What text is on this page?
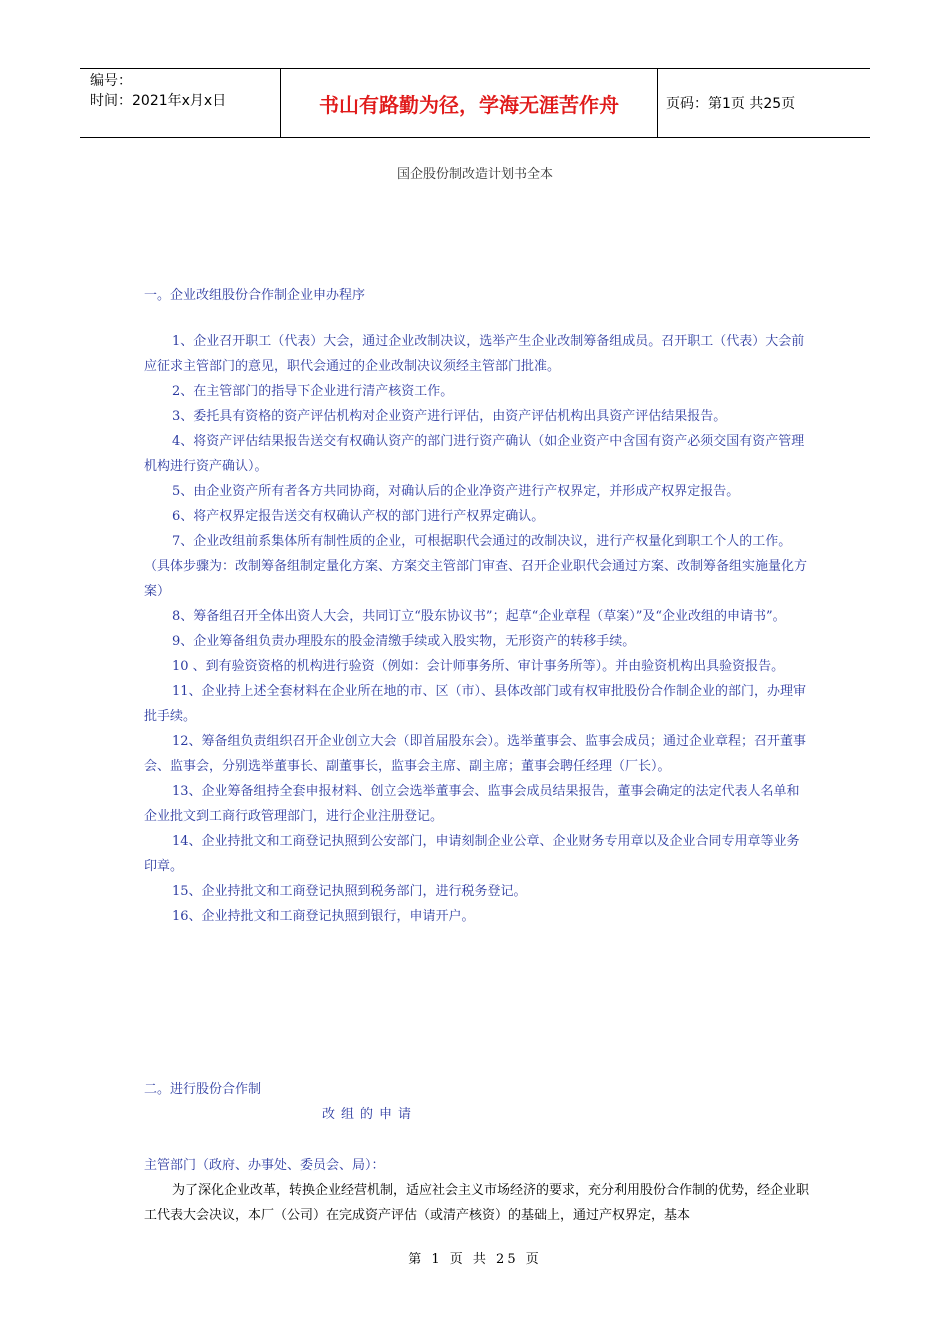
编号：
时间：2021年x月x日	书山有路勤为径，学海无涯苦作舟	页码：第1页 共25页
国企股份制改造计划书全本
一。企业改组股份合作制企业申办程序

1、企业召开职工（代表）大会，通过企业改制决议，选举产生企业改制筹备组成员。召开职工（代表）大会前应征求主管部门的意见，职代会通过的企业改制决议须经主管部门批准。

2、在主管部门的指导下企业进行清产核资工作。

3、委托具有资格的资产评估机构对企业资产进行评估，由资产评估机构出具资产评估结果报告。

4、将资产评估结果报告送交有权确认资产的部门进行资产确认（如企业资产中含国有资产必须交国有资产管理机构进行资产确认）。

5、由企业资产所有者各方共同协商，对确认后的企业净资产进行产权界定，并形成产权界定报告。

6、将产权界定报告送交有权确认产权的部门进行产权界定确认。

7、企业改组前系集体所有制性质的企业，可根据职代会通过的改制决议，进行产权量化到职工个人的工作。（具体步骤为：改制筹备组制定量化方案、方案交主管部门审查、召开企业职代会通过方案、改制筹备组实施量化方案）

8、筹备组召开全体出资人大会，共同订立“股东协议书”；起草“企业章程（草案）”及“企业改组的申请书”。

9、企业筹备组负责办理股东的股金清缴手续或入股实物，无形资产的转移手续。

10 、到有验资资格的机构进行验资（例如：会计师事务所、审计事务所等）。并由验资机构出具验资报告。

11、企业持上述全套材料在企业所在地的市、区（市）、县体改部门或有权审批股份合作制企业的部门，办理审批手续。

12、筹备组负责组织召开企业创立大会（即首届股东会）。选举董事会、监事会成员；通过企业章程；召开董事会、监事会，分别选举董事长、副董事长，监事会主席、副主席；董事会聘任经理（厂长）。

13、企业筹备组持全套申报材料、创立会选举董事会、监事会成员结果报告，董事会确定的法定代表人名单和企业批文到工商行政管理部门，进行企业注册登记。

14、企业持批文和工商登记执照到公安部门，申请刻制企业公章、企业财务专用章以及企业合同专用章等业务印章。

15、企业持批文和工商登记执照到税务部门，进行税务登记。

16、企业持批文和工商登记执照到银行，申请开户。

二。进行股份合作制
改组的申请

主管部门（政府、办事处、委员会、局）：

为了深化企业改革，转换企业经营机制，适应社会主义市场经济的要求，充分利用股份合作制的优势，经企业职工代表大会决议，本厂（公司）在完成资产评估（或清产核资）的基础上，通过产权界定，基本

第 1 页 共 25 页
